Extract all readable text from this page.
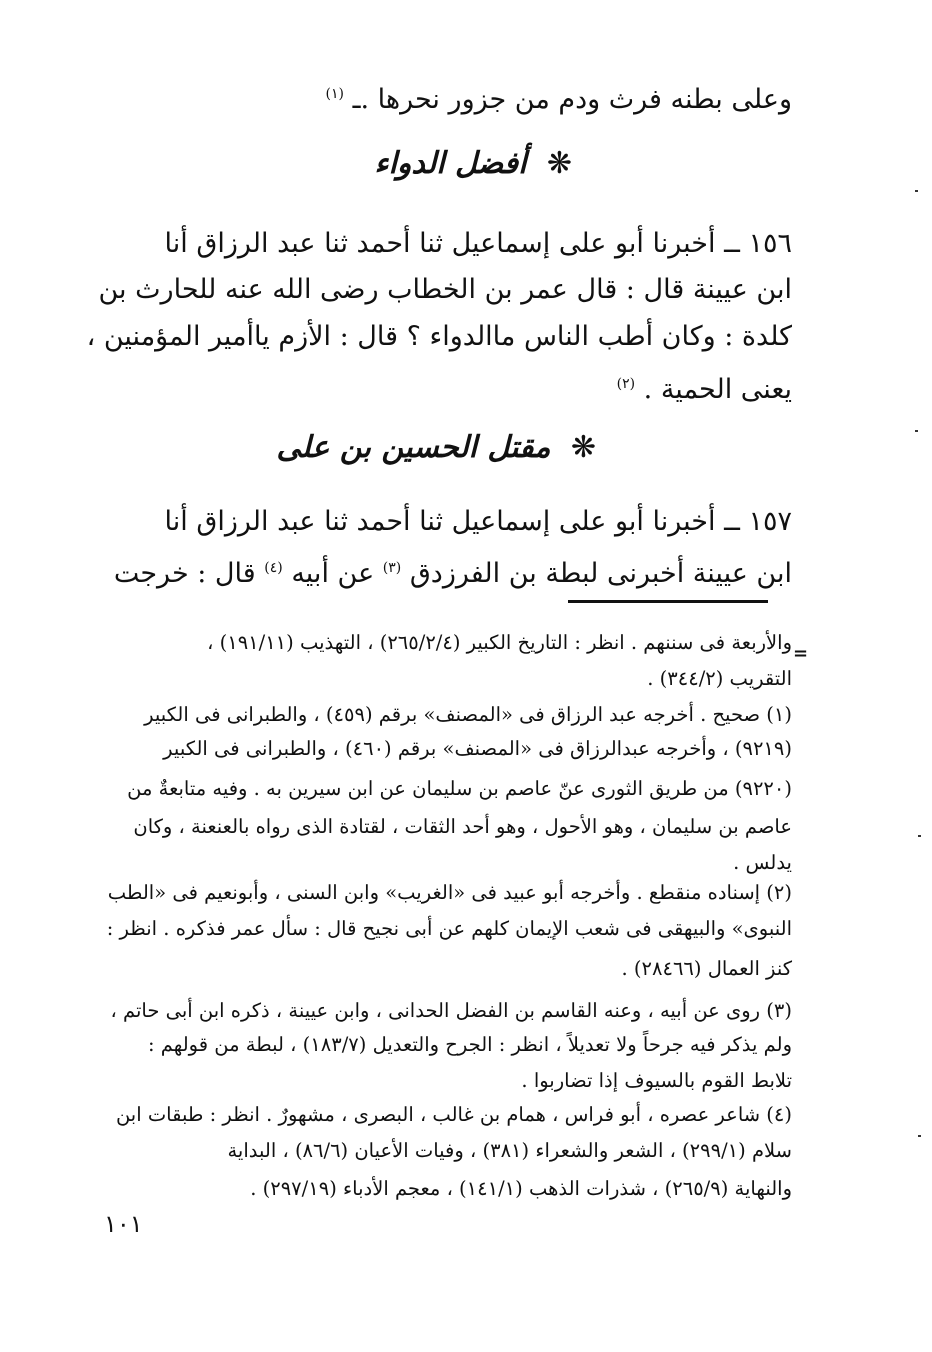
وعلى بطنه فرث ودم من جزور نحرها .ـ $^{(١)}$
❋ أفضل الدواء
١٥٦ ــ أخبرنا أبو على إسماعيل ثنا أحمد ثنا عبد الرزاق أنا
ابن عيينة قال : قال عمر بن الخطاب رضى الله عنه للحارث بن
كلدة : وكان أطب الناس ماالدواء ؟ قال : الأزم ياأمير المؤمنين ،
يعنى الحمية . $^{(٢)}$
❋ مقتل الحسين بن على
١٥٧ ــ أخبرنا أبو على إسماعيل ثنا أحمد ثنا عبد الرزاق أنا
ابن عيينة أخبرنى لبطة بن الفرزدق $^{(٣)}$ عن أبيه $^{(٤)}$ قال : خرجت
=
والأربعة فى سننهم . انظر : التاريخ الكبير (٢٦٥/٢/٤) ، التهذيب (١٩١/١١) ،
التقريب (٣٤٤/٢) .
(١) صحيح . أخرجه عبد الرزاق فى «المصنف» برقم (٤٥٩) ، والطبرانى فى الكبير
(٩٢١٩) ، وأخرجه عبدالرزاق فى «المصنف» برقم (٤٦٠) ، والطبرانى فى الكبير
(٩٢٢٠) من طريق الثورى عنّ عاصم بن سليمان عن ابن سيرين به . وفيه متابعةٌ من
عاصم بن سليمان ، وهو الأحول ، وهو أحد الثقات ، لقتادة الذى رواه بالعنعنة ، وكان
يدلس .
(٢) إسناده منقطع . وأخرجه أبو عبيد فى «الغريب» وابن السنى ، وأبونعيم فى «الطب
النبوى» والبيهقى فى شعب الإيمان كلهم عن أبى نجيح قال : سأل عمر فذكره . انظر :
كنز العمال (٢٨٤٦٦) .
(٣) روى عن أبيه ، وعنه القاسم بن الفضل الحدانى ، وابن عيينة ، ذكره ابن أبى حاتم ،
ولم يذكر فيه جرحاً ولا تعديلاً ، انظر : الجرح والتعديل (١٨٣/٧) ، لبطة من قولهم :
تلابط القوم بالسيوف إذا تضاربوا .
(٤) شاعر عصره ، أبو فراس ، همام بن غالب ، البصرى ، مشهورٌ . انظر : طبقات ابن
سلام (٢٩٩/١) ، الشعر والشعراء (٣٨١) ، وفيات الأعيان (٨٦/٦) ، البداية
والنهاية (٢٦٥/٩) ، شذرات الذهب (١٤١/١) ، معجم الأدباء (٢٩٧/١٩) .
١٠١
